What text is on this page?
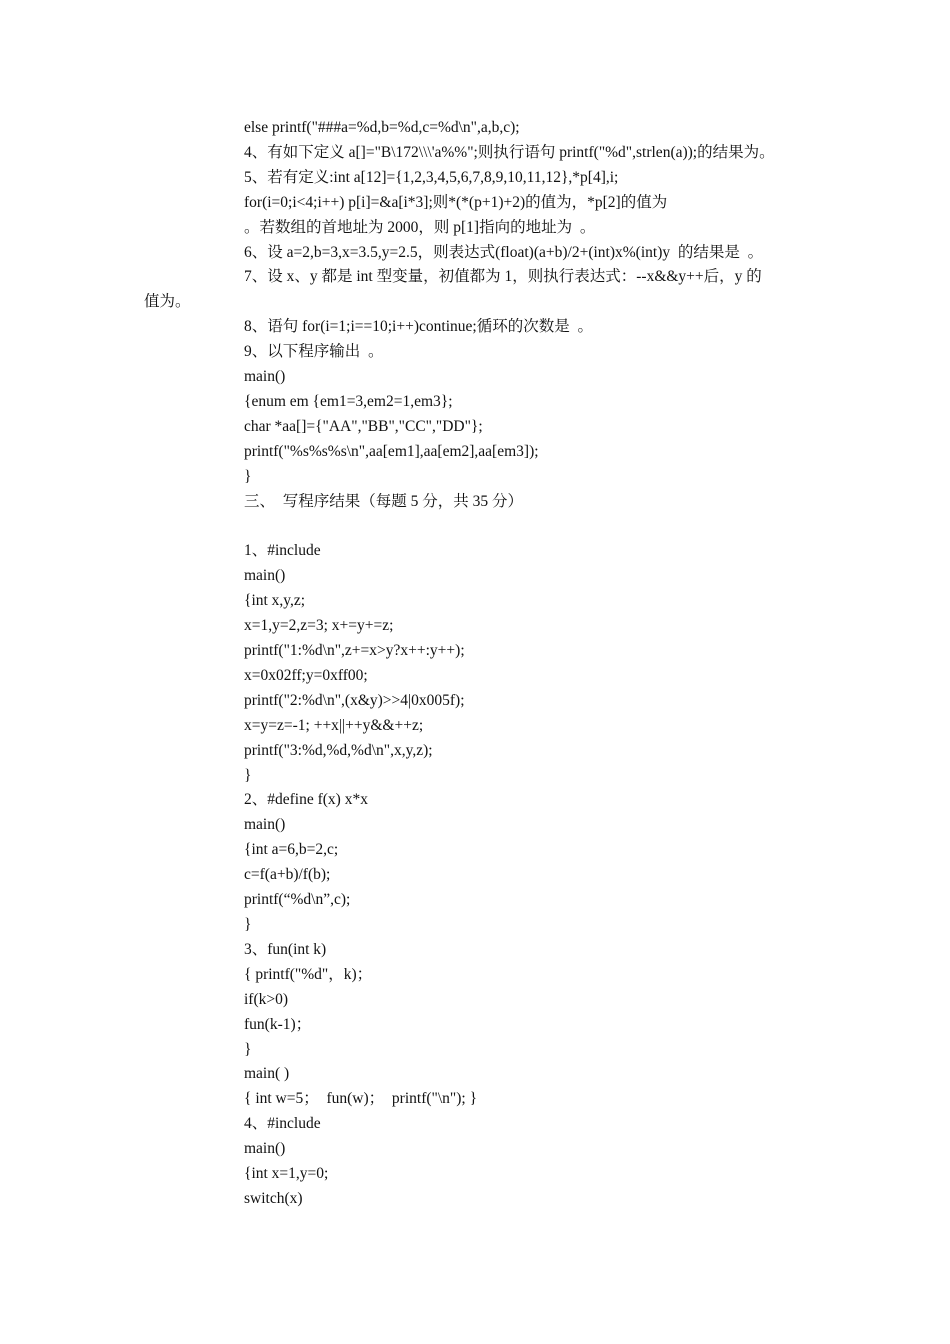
else printf("###a=%d,b=%d,c=%d\n",a,b,c);
4、有如下定义 a[]="B\172\\\'a%%";则执行语句 printf("%d",strlen(a));的结果为。
5、若有定义:int a[12]={1,2,3,4,5,6,7,8,9,10,11,12},*p[4],i;
for(i=0;i<4;i++) p[i]=&a[i*3];则*(*(p+1)+2)的值为，*p[2]的值为
。若数组的首地址为 2000，则 p[1]指向的地址为  。
6、设 a=2,b=3,x=3.5,y=2.5，则表达式(float)(a+b)/2+(int)x%(int)y  的结果是  。
7、设 x、y 都是 int 型变量，初值都为 1，则执行表达式：--x&&y++后，y 的
值为。
8、语句 for(i=1;i==10;i++)continue;循环的次数是  。
9、以下程序输出  。
main()
{enum em {em1=3,em2=1,em3};
char *aa[]={"AA","BB","CC","DD"};
printf("%s%s%s\n",aa[em1],aa[em2],aa[em3]);
}
三、  写程序结果（每题 5 分，共 35 分）
1、#include
main()
{int x,y,z;
x=1,y=2,z=3; x+=y+=z;
printf("1:%d\n",z+=x>y?x++:y++);
x=0x02ff;y=0xff00;
printf("2:%d\n",(x&y)>>4|0x005f);
x=y=z=-1; ++x||++y&&++z;
printf("3:%d,%d,%d\n",x,y,z);
}
2、#define f(x) x*x
main()
{int a=6,b=2,c;
c=f(a+b)/f(b);
printf(“%d\n”,c);
}
3、fun(int k)
{ printf("%d"，k)；
if(k>0)
fun(k-1)；
}
main( )
{ int w=5；  fun(w)；  printf("\n"); }
4、#include
main()
{int x=1,y=0;
switch(x)
